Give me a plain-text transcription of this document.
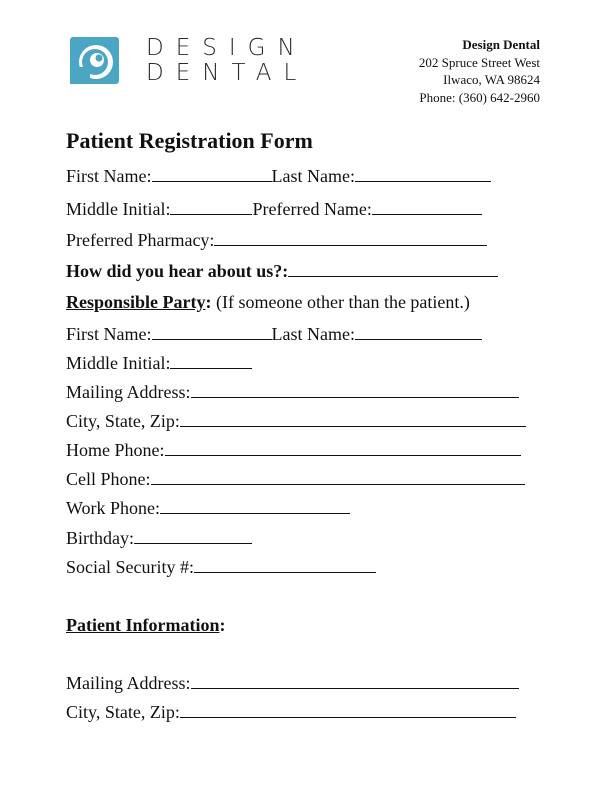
DESIGN
DENTAL
Design Dental
202 Spruce Street West
Ilwaco, WA 98624
Phone: (360) 642-2960
Patient Registration Form
First Name:	Last Name:
Middle Initial:	Preferred Name:
Preferred Pharmacy:
How did you hear about us?:
Responsible Party: (If someone other than the patient.)
First Name:	Last Name:
Middle Initial:
Mailing Address:
City, State, Zip:
Home Phone:
Cell Phone:
Work Phone:
Birthday:
Social Security #:
Patient Information:
Mailing Address:
City, State, Zip:
